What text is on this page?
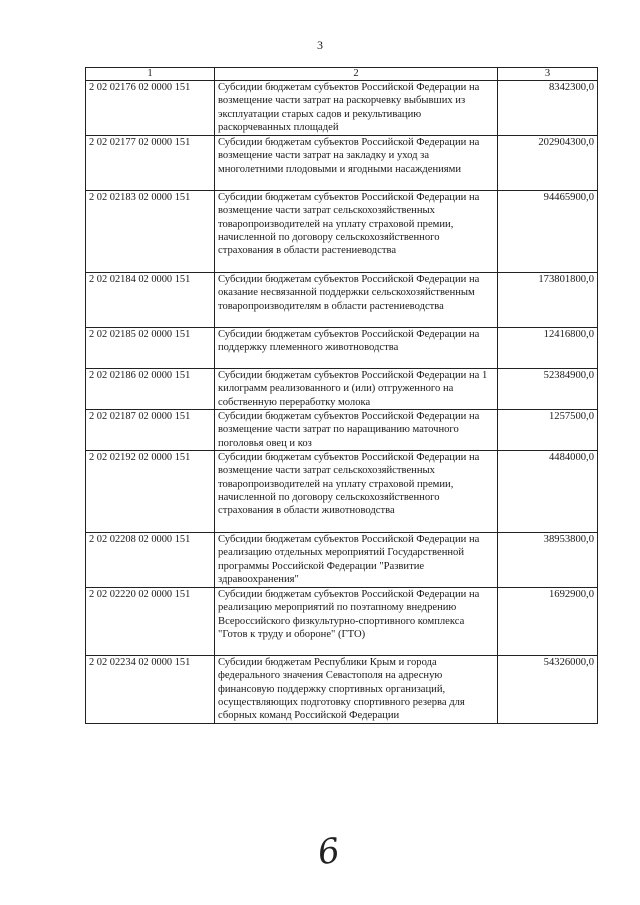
3
1	2	3
2 02 02176 02 0000 151	Субсидии бюджетам субъектов Российской Федерации на возмещение части затрат на раскорчевку выбывших из эксплуатации старых садов и рекультивацию раскорчеванных площадей	8342300,0
2 02 02177 02 0000 151	Субсидии бюджетам субъектов Российской Федерации на возмещение части затрат на закладку и уход за многолетними плодовыми и ягодными насаждениями	202904300,0
2 02 02183 02 0000 151	Субсидии бюджетам субъектов Российской Федерации на возмещение части затрат сельскохозяйственных товаропроизводителей на уплату страховой премии, начисленной по договору сельскохозяйственного страхования в области растениеводства	94465900,0
2 02 02184 02 0000 151	Субсидии бюджетам субъектов Российской Федерации на оказание несвязанной поддержки сельскохозяйственным товаропроизводителям в области растениеводства	173801800,0
2 02 02185 02 0000 151	Субсидии бюджетам субъектов Российской Федерации на поддержку племенного животноводства	12416800,0
2 02 02186 02 0000 151	Субсидии бюджетам субъектов Российской Федерации на 1 килограмм реализованного и (или) отгруженного на собственную переработку молока	52384900,0
2 02 02187 02 0000 151	Субсидии бюджетам субъектов Российской Федерации на возмещение части затрат по наращиванию маточного поголовья овец и коз	1257500,0
2 02 02192 02 0000 151	Субсидии бюджетам субъектов Российской Федерации на возмещение части затрат сельскохозяйственных товаропроизводителей на уплату страховой премии, начисленной по договору сельскохозяйственного страхования в области животноводства	4484000,0
2 02 02208 02 0000 151	Субсидии бюджетам субъектов Российской Федерации на реализацию отдельных мероприятий Государственной программы Российской Федерации "Развитие здравоохранения"	38953800,0
2 02 02220 02 0000 151	Субсидии бюджетам субъектов Российской Федерации на реализацию мероприятий по поэтапному внедрению Всероссийского физкультурно-спортивного комплекса "Готов к труду и обороне" (ГТО)	1692900,0
2 02 02234 02 0000 151	Субсидии бюджетам Республики Крым и города федерального значения Севастополя на адресную финансовую поддержку спортивных организаций, осуществляющих подготовку спортивного резерва для сборных команд Российской Федерации	54326000,0
6
